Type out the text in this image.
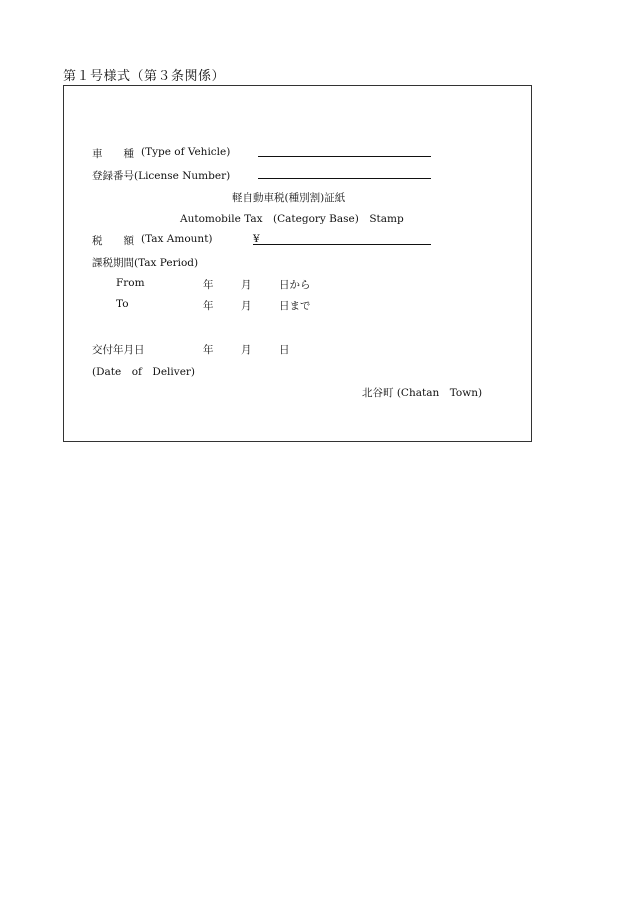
第１号様式（第３条関係）
車　　種 (Type of Vehicle)
登録番号(License Number)
軽自動車税(種別割)証紙
Automobile Tax　(Category Base)　Stamp
税　　額 (Tax Amount)	¥
課税期間(Tax Period)
From	年	月	日から
To	年	月	日まで
交付年月日	年	月	日
(Date　of　Deliver)
北谷町 (Chatan　Town)
